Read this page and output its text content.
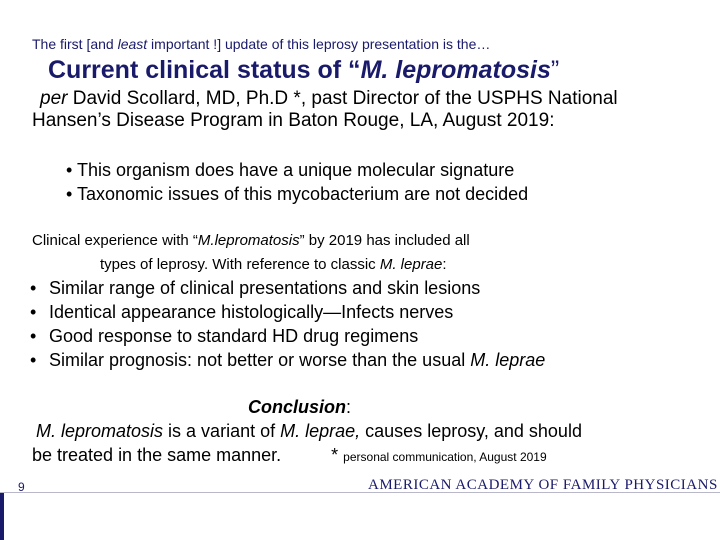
The first [and least important !] update of this leprosy presentation is the…
Current clinical status of “M. lepromatosis”
per David Scollard, MD, Ph.D *, past Director of the USPHS National
Hansen’s Disease Program in Baton Rouge, LA, August 2019:
• This organism does have a unique molecular signature
• Taxonomic issues of this mycobacterium are not decided
Clinical experience with “M.lepromatosis” by 2019 has included all
types of leprosy. With reference to classic M. leprae:
• Similar range of clinical presentations and skin lesions
• Identical appearance histologically—Infects nerves
• Good response to standard HD drug regimens
• Similar prognosis: not better or worse than the usual M. leprae
Conclusion:
M. lepromatosis is a variant of M. leprae, causes leprosy, and should
be treated in the same manner.          * personal communication, August 2019
9	AMERICAN ACADEMY OF FAMILY PHYSICIANS
